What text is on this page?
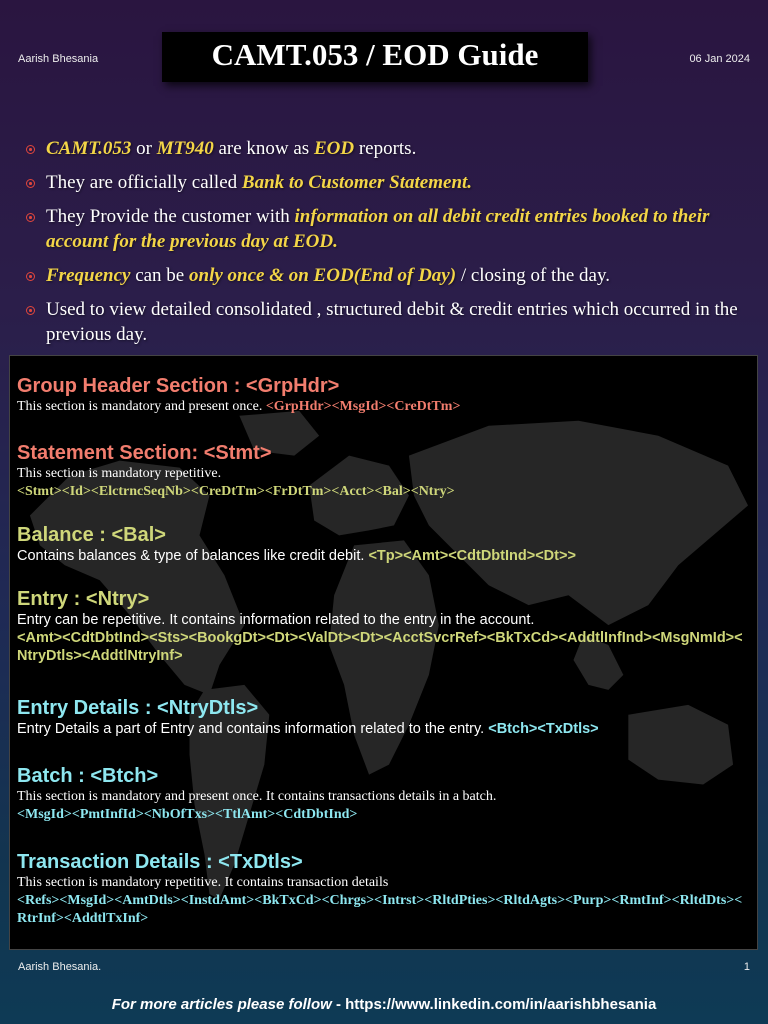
Aarish Bhesania	CAMT.053 / EOD Guide	06 Jan 2024
CAMT.053 or MT940 are know as EOD reports.
They are officially called Bank to Customer Statement.
They Provide the customer with information on all debit credit entries booked to their account for the previous day at EOD.
Frequency can be only once & on EOD(End of Day) / closing of the day.
Used to view detailed consolidated , structured debit & credit entries which occurred in the previous day.
Group Header Section : <GrpHdr>
This section is mandatory and present once. <GrpHdr><MsgId><CreDtTm>
Statement Section: <Stmt>
This section is mandatory repetitive.
<Stmt><Id><ElctrncSeqNb><CreDtTm><FrDtTm><Acct><Bal><Ntry>
Balance : <Bal>
Contains balances & type of balances like credit debit. <Tp><Amt><CdtDbtInd><Dt>>
Entry : <Ntry>
Entry can be repetitive. It contains information related to the entry in the account.
<Amt><CdtDbtInd><Sts><BookgDt><Dt><ValDt><Dt><AcctSvcrRef><BkTxCd><AddtlInfInd><MsgNmId><NtryDtls><AddtlNtryInf>
Entry Details : <NtryDtls>
Entry Details a part of Entry and contains information related to the entry. <Btch><TxDtls>
Batch : <Btch>
This section is mandatory and present once. It contains transactions details in a batch.
<MsgId><PmtInfId><NbOfTxs><TtlAmt><CdtDbtInd>
Transaction Details : <TxDtls>
This section is mandatory repetitive. It contains transaction details
<Refs><MsgId><AmtDtls><InstdAmt><BkTxCd><Chrgs><Intrst><RltdPties><RltdAgts><Purp><RmtInf><RltdDts><RtrInf><AddtlTxInf>
Aarish Bhesania.	1
For more articles please follow - https://www.linkedin.com/in/aarishbhesania
